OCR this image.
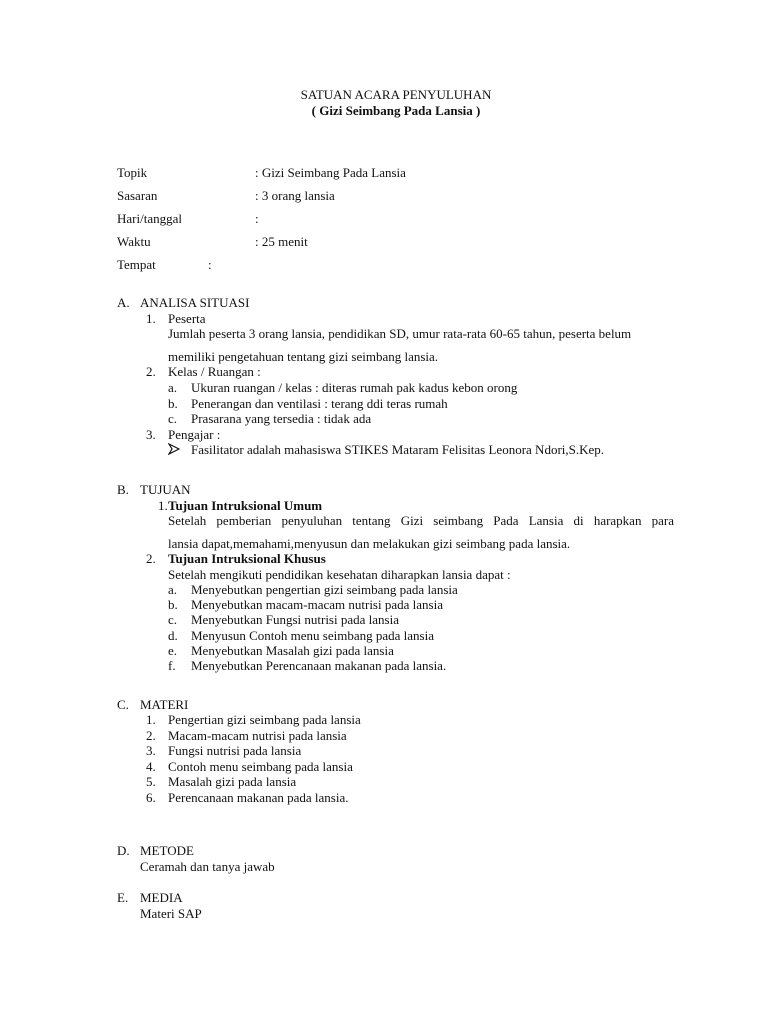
SATUAN ACARA PENYULUHAN
( Gizi Seimbang Pada Lansia )
Topik	: Gizi Seimbang Pada Lansia
Sasaran	: 3 orang lansia
Hari/tanggal	:
Waktu	: 25 menit
Tempat	:
A. ANALISA SITUASI
1. Peserta
Jumlah peserta 3 orang lansia, pendidikan SD, umur rata-rata 60-65 tahun, peserta belum
memiliki pengetahuan tentang gizi seimbang lansia.
2. Kelas / Ruangan :
a. Ukuran ruangan / kelas : diteras rumah pak kadus kebon orong
b. Penerangan dan ventilasi : terang ddi teras rumah
c. Prasarana yang tersedia : tidak ada
3. Pengajar :
Fasilitator adalah mahasiswa STIKES Mataram Felisitas Leonora Ndori,S.Kep.
B. TUJUAN
1. Tujuan Intruksional Umum
Setelah pemberian penyuluhan tentang Gizi seimbang Pada Lansia di harapkan para
lansia dapat,memahami,menyusun dan melakukan gizi seimbang pada lansia.
2. Tujuan Intruksional Khusus
Setelah mengikuti pendidikan kesehatan diharapkan lansia dapat :
a. Menyebutkan pengertian gizi seimbang pada lansia
b. Menyebutkan macam-macam nutrisi pada lansia
c. Menyebutkan Fungsi nutrisi pada lansia
d. Menyusun Contoh menu seimbang pada lansia
e. Menyebutkan Masalah gizi pada lansia
f. Menyebutkan Perencanaan makanan pada lansia.
C. MATERI
1. Pengertian gizi seimbang pada lansia
2. Macam-macam nutrisi pada lansia
3. Fungsi nutrisi pada lansia
4. Contoh menu seimbang pada lansia
5. Masalah gizi pada lansia
6. Perencanaan makanan pada lansia.
D. METODE
Ceramah dan tanya jawab
E. MEDIA
Materi SAP
